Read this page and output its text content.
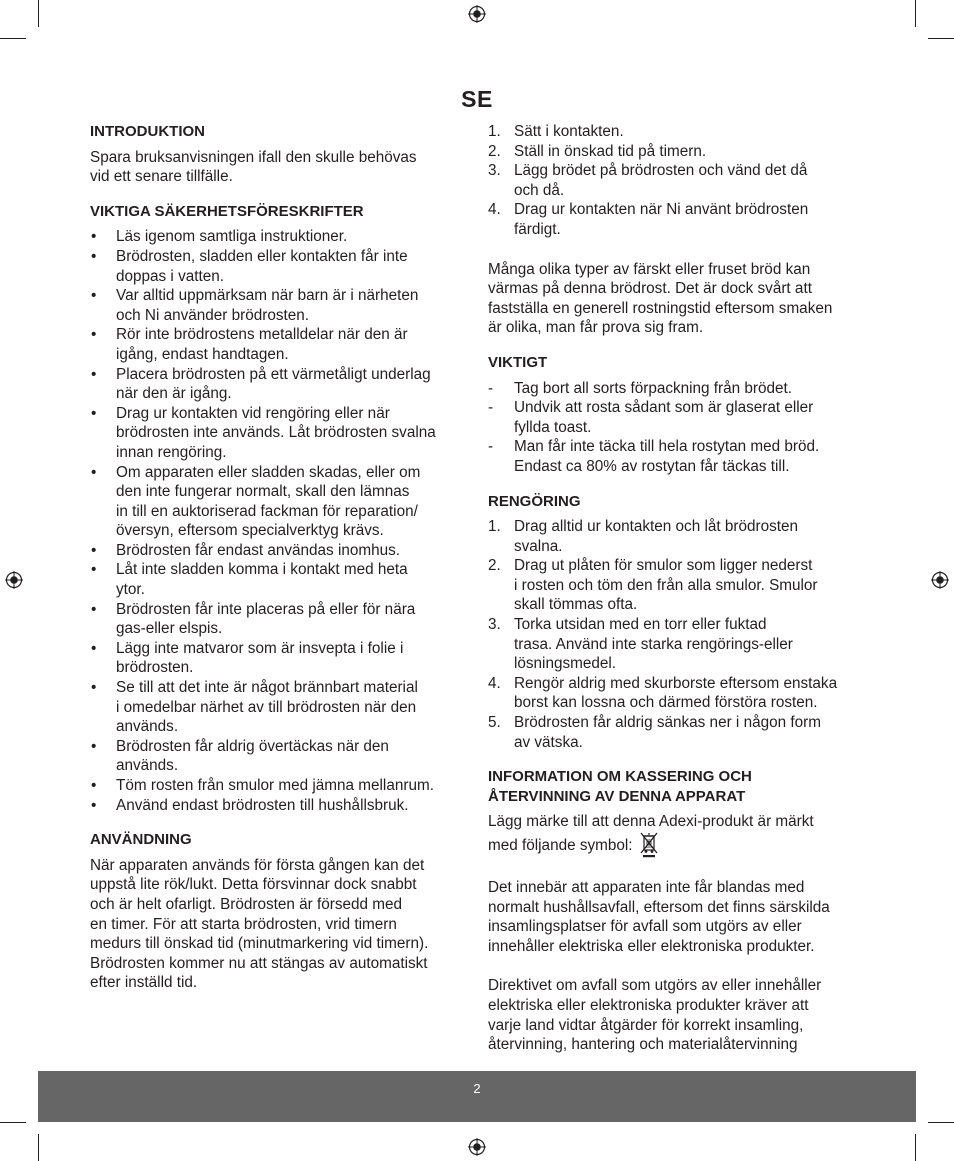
SE
INTRODUKTION
Spara bruksanvisningen ifall den skulle behövas
vid ett senare tillfälle.
VIKTIGA SÄKERHETSFÖRESKRIFTER
•	Läs igenom samtliga instruktioner.
•	Brödrosten, sladden eller kontakten får inte
doppas i vatten.
•	Var alltid uppmärksam när barn är i närheten
och Ni använder brödrosten.
•	Rör inte brödrostens metalldelar när den är
igång, endast handtagen.
•	Placera brödrosten på ett värmetåligt underlag
när den är igång.
•	Drag ur kontakten vid rengöring eller när
brödrosten inte används. Låt brödrosten svalna
innan rengöring.
•	Om apparaten eller sladden skadas, eller om
den inte fungerar normalt, skall den lämnas
in till en auktoriserad fackman för reparation/
översyn, eftersom specialverktyg krävs.
•	Brödrosten får endast användas inomhus.
•	Låt inte sladden komma i kontakt med heta
ytor.
•	Brödrosten får inte placeras på eller för nära
gas-eller elspis.
•	Lägg inte matvaror som är insvepta i folie i
brödrosten.
•	Se till att det inte är något brännbart material
i omedelbar närhet av till brödrosten när den
används.
•	Brödrosten får aldrig övertäckas när den
används.
•	Töm rosten från smulor med jämna mellanrum.
•	Använd endast brödrosten till hushållsbruk.
ANVÄNDNING
När apparaten används för första gången kan det
uppstå lite rök/lukt. Detta försvinnar dock snabbt
och är helt ofarligt. Brödrosten är försedd med
en timer. För att starta brödrosten, vrid timern
medurs till önskad tid (minutmarkering vid timern).
Brödrosten kommer nu att stängas av automatiskt
efter inställd tid.
1. Sätt i kontakten.
2. Ställ in önskad tid på timern.
3. Lägg brödet på brödrosten och vänd det då
och då.
4. Drag ur kontakten när Ni använt brödrosten
färdigt.
Många olika typer av färskt eller fruset bröd kan
värmas på denna brödrost. Det är dock svårt att
fastställa en generell rostningstid eftersom smaken
är olika, man får prova sig fram.
VIKTIGT
-	Tag bort all sorts förpackning från brödet.
-	Undvik att rosta sådant som är glaserat eller
fyllda toast.
-	Man får inte täcka till hela rostytan med bröd.
Endast ca 80% av rostytan får täckas till.
RENGÖRING
1. Drag alltid ur kontakten och låt brödrosten
svalna.
2. Drag ut plåten för smulor som ligger nederst
i rosten och töm den från alla smulor. Smulor
skall tömmas ofta.
3. Torka utsidan med en torr eller fuktad
trasa. Använd inte starka rengörings-eller
lösningsmedel.
4. Rengör aldrig med skurborste eftersom enstaka
borst kan lossna och därmed förstöra rosten.
5. Brödrosten får aldrig sänkas ner i någon form
av vätska.
INFORMATION OM KASSERING OCH
ÅTERVINNING AV DENNA APPARAT
Lägg märke till att denna Adexi-produkt är märkt
med följande symbol:
Det innebär att apparaten inte får blandas med
normalt hushållsavfall, eftersom det finns särskilda
insamlingsplatser för avfall som utgörs av eller
innehåller elektriska eller elektroniska produkter.
Direktivet om avfall som utgörs av eller innehåller
elektriska eller elektroniska produkter kräver att
varje land vidtar åtgärder för korrekt insamling,
återvinning, hantering och materialåtervinning
2
